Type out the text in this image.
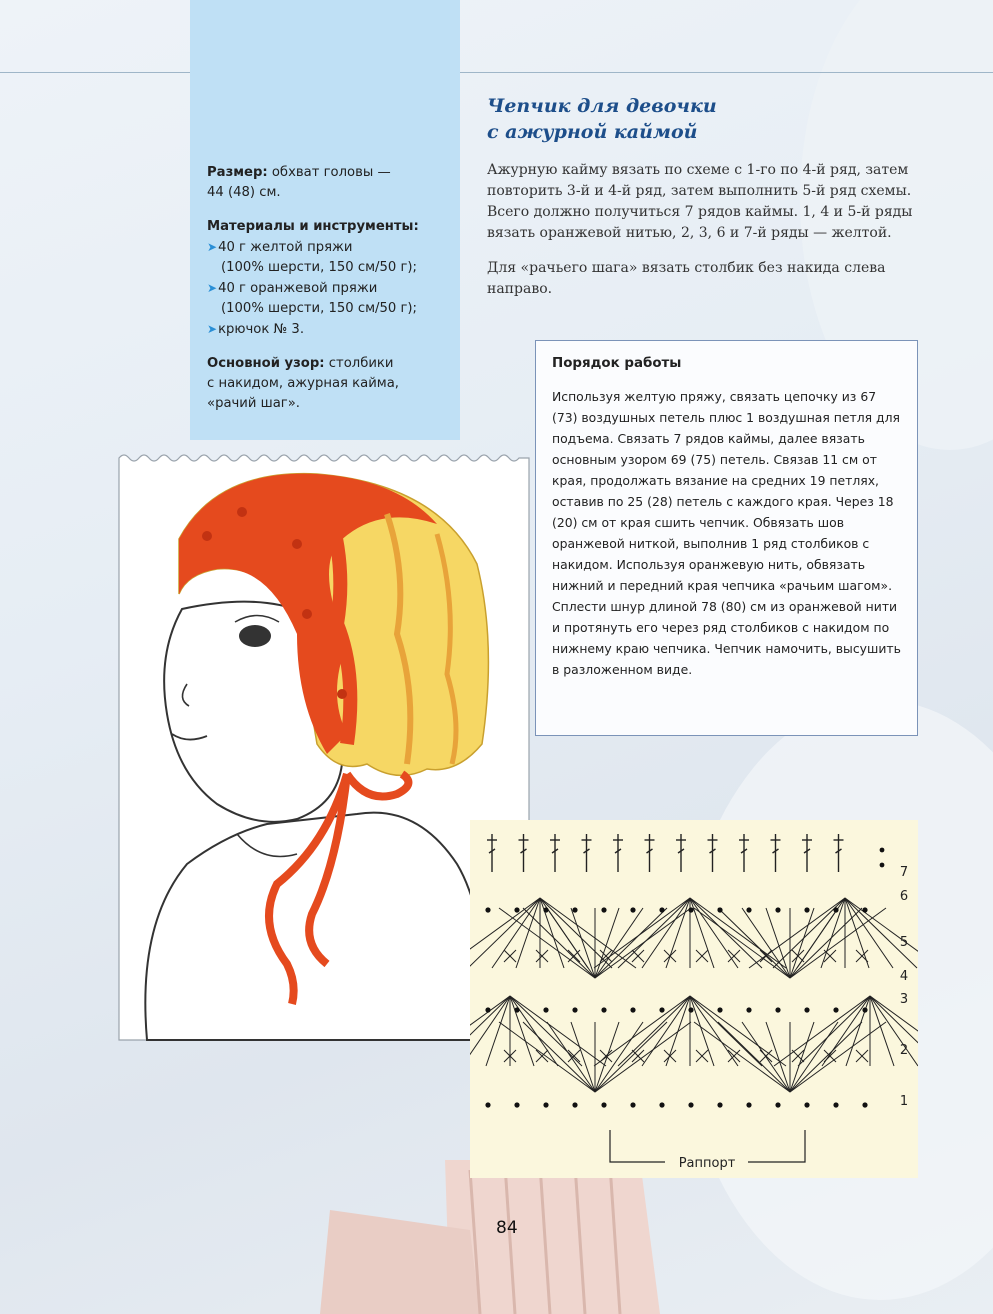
Размер: обхват головы —
44 (48) см.

Материалы и инструменты:
➤40 г желтой пряжи
(100% шерсти, 150 см/50 г);
➤40 г оранжевой пряжи
(100% шерсти, 150 см/50 г);
➤крючок № 3.

Основной узор: столбики
с накидом, ажурная кайма,
«рачий шаг».

Чепчик для девочки
с ажурной каймой

Ажурную кайму вязать по схеме с 1-го по 4-й ряд, затем повторить 3-й и 4-й ряд, затем выполнить 5-й ряд схемы. Всего должно получиться 7 рядов каймы. 1, 4 и 5-й ряды вязать оранжевой нитью, 2, 3, 6 и 7-й ряды — желтой.

Для «рачьего шага» вязать столбик без накида слева направо.

Порядок работы
Используя желтую пряжу, связать цепочку из 67 (73) воздушных петель плюс 1 воздушная петля для подъема. Связать 7 рядов каймы, далее вязать основным узором 69 (75) петель. Связав 11 см от края, продолжать вязание на средних 19 петлях, оставив по 25 (28) петель с каждого края. Через 18 (20) см от края сшить чепчик. Обвязать шов оранжевой ниткой, выполнив 1 ряд столбиков с накидом. Используя оранжевую нить, обвязать нижний и передний края чепчика «рачьим шагом». Сплести шнур длиной 78 (80) см из оранжевой нити и протянуть его через ряд столбиков с накидом по нижнему краю чепчика. Чепчик намочить, высушить в разложенном виде.
7
6
5
4
3
2
1
Раппорт
84
